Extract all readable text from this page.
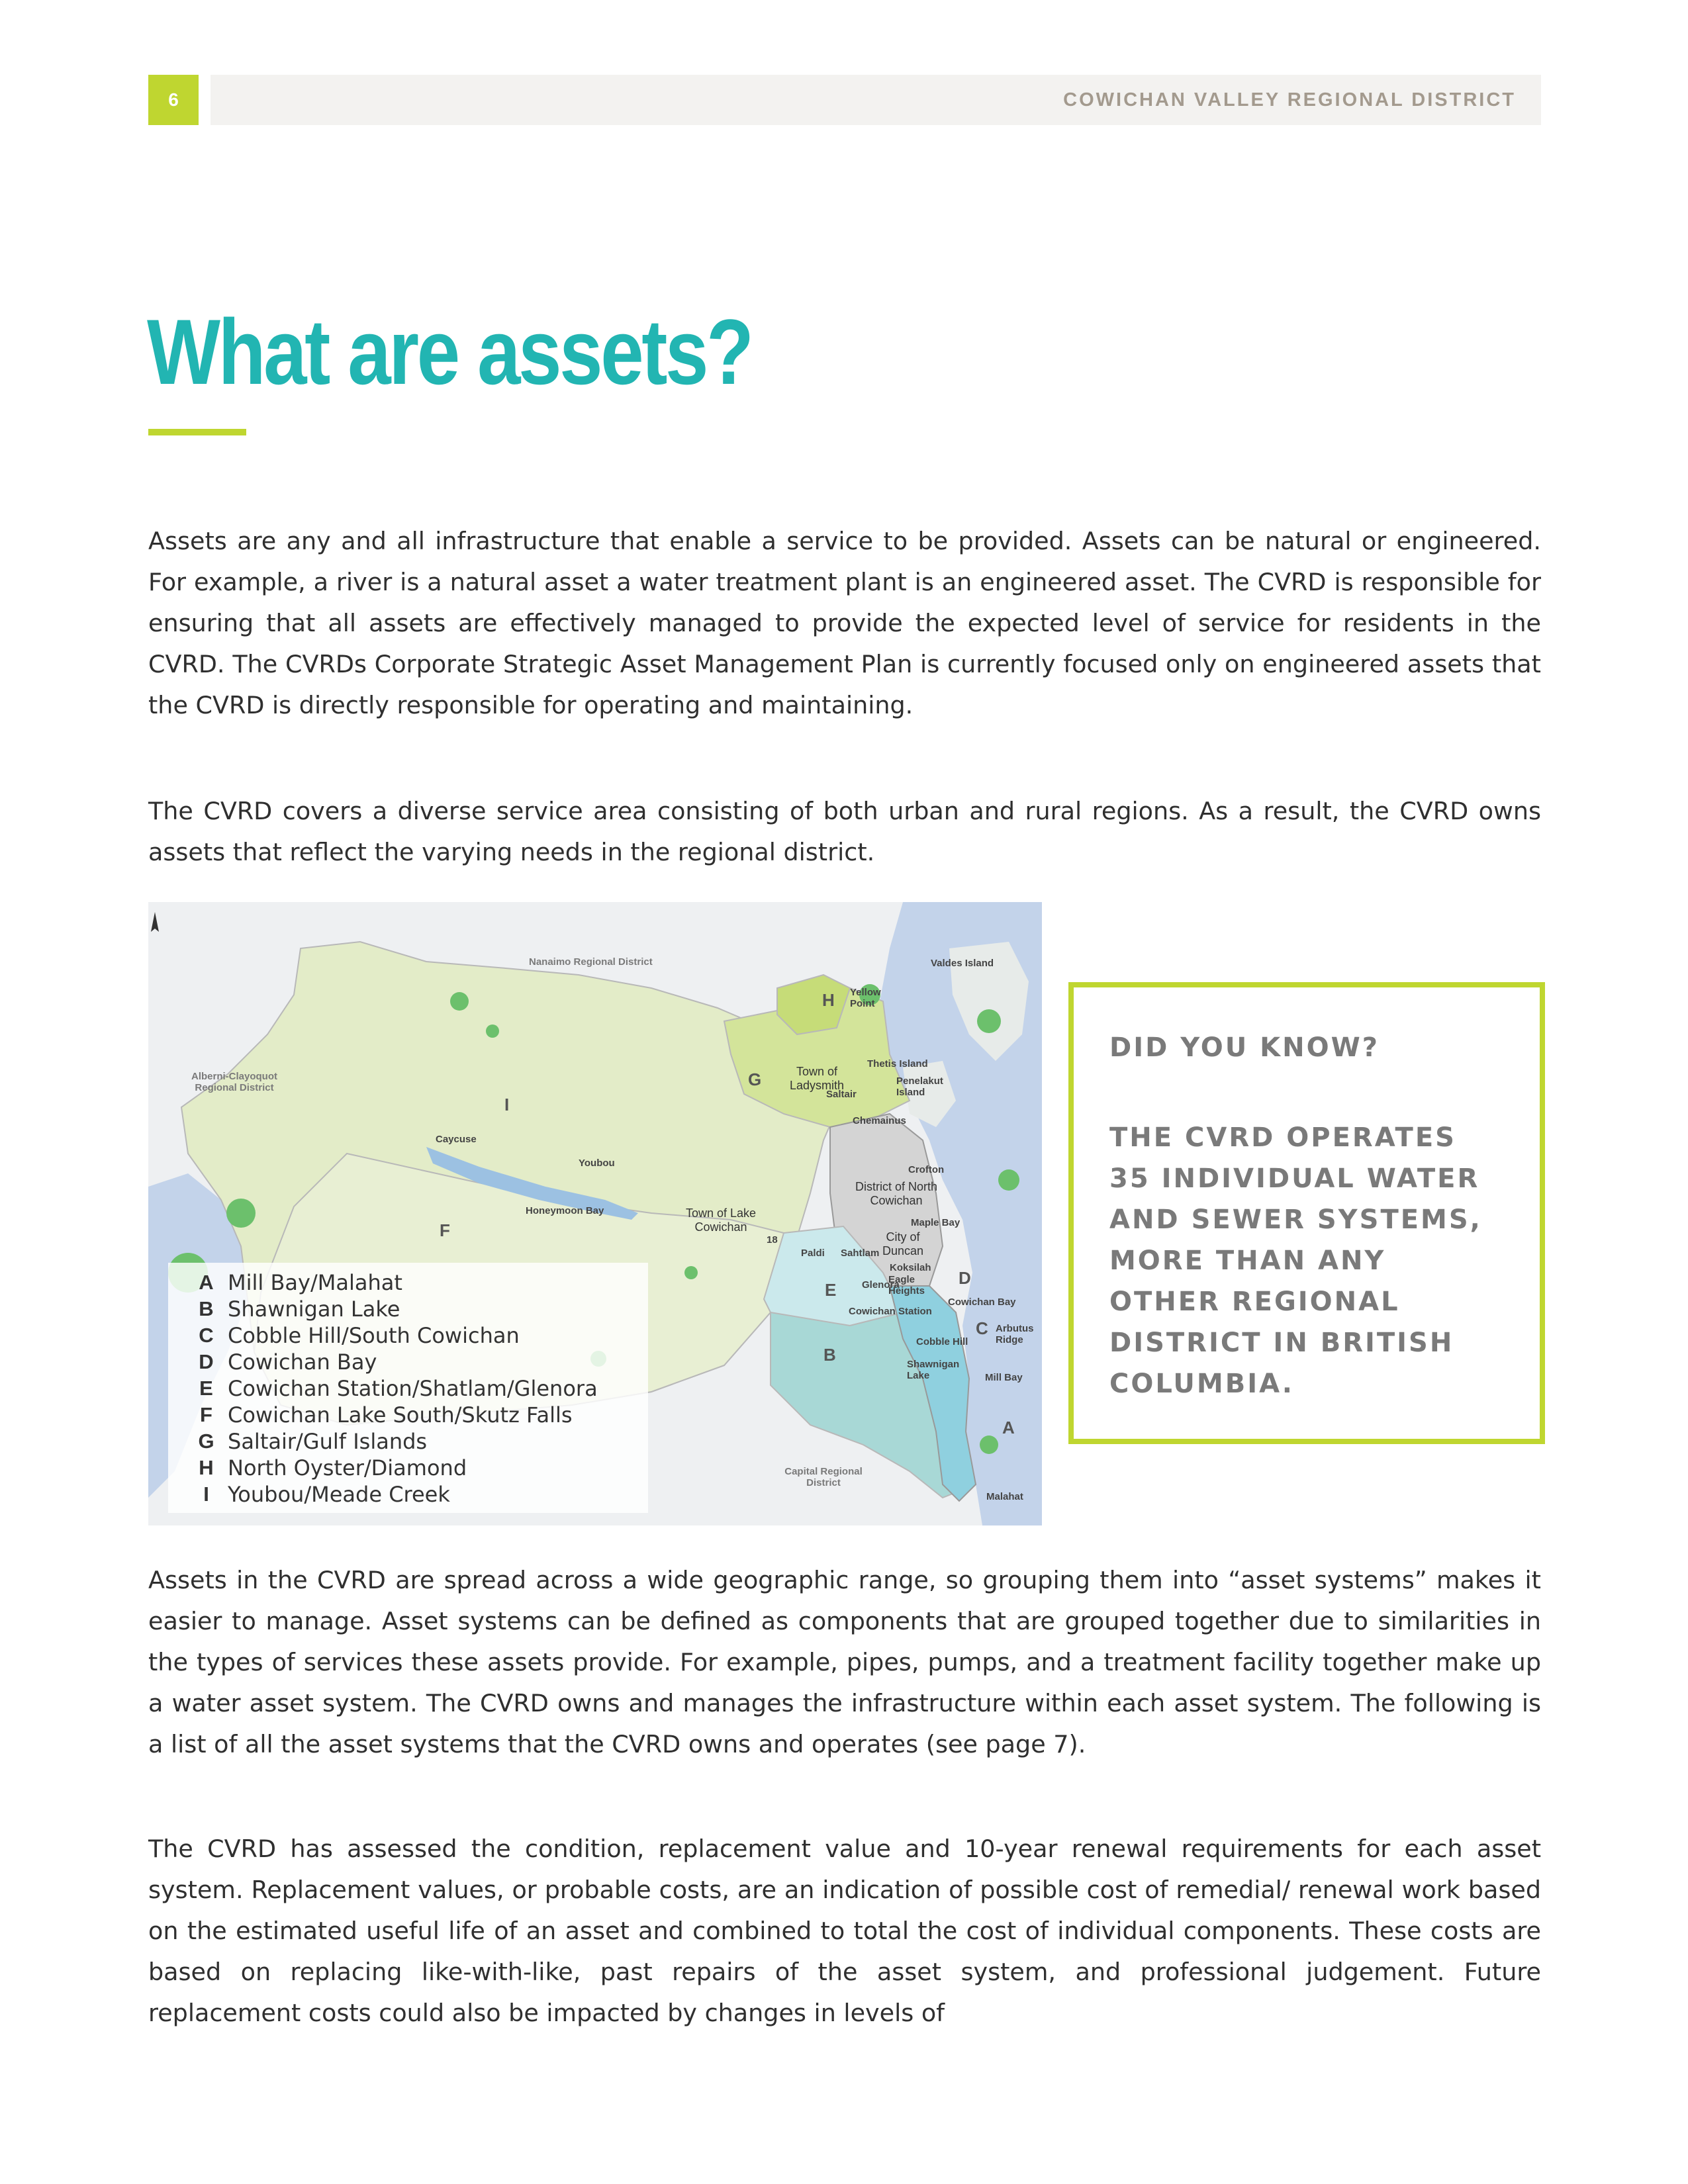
6	COWICHAN VALLEY REGIONAL DISTRICT
What are assets?

Assets are any and all infrastructure that enable a service to be provided. Assets can be natural or engineered. For example, a river is a natural asset a water treatment plant is an engineered asset. The CVRD is responsible for ensuring that all assets are effectively managed to provide the expected level of service for residents in the CVRD. The CVRDs Corporate Strategic Asset Management Plan is currently focused only on engineered assets that the CVRD is directly responsible for operating and maintaining.

The CVRD covers a diverse service area consisting of both urban and rural regions. As a result, the CVRD owns assets that reflect the varying needs in the regional district.

Nanaimo Regional District
Alberni-Clayoquot Regional District
Capital Regional District
Valdes Island
Yellow Point
Thetis Island
Penelakut Island
Town of Ladysmith
Saltair
Chemainus
Crofton
District of North Cowichan
Maple Bay
City of Duncan
Koksilah
Eagle Heights
Glenora
Cowichan Station
Cowichan Bay
Cobble Hill
Arbutus Ridge
Shawnigan Lake	Mill Bay
Malahat
Paldi Sahtlam
Caycuse
Youbou
Honeymoon Bay	Town of Lake Cowichan
18
A
B
C
D
E
F
G
H
I
A Mill Bay/Malahat
B Shawnigan Lake
C Cobble Hill/South Cowichan
D Cowichan Bay
E Cowichan Station/Shatlam/Glenora
F Cowichan Lake South/Skutz Falls
G Saltair/Gulf Islands
H North Oyster/Diamond
I Youbou/Meade Creek
DID YOU KNOW?
THE CVRD OPERATES 35 INDIVIDUAL WATER AND SEWER SYSTEMS, MORE THAN ANY OTHER REGIONAL DISTRICT IN BRITISH COLUMBIA.

Assets in the CVRD are spread across a wide geographic range, so grouping them into “asset systems” makes it easier to manage. Asset systems can be defined as components that are grouped together due to similarities in the types of services these assets provide. For example, pipes, pumps, and a treatment facility together make up a water asset system. The CVRD owns and manages the infrastructure within each asset system. The following is a list of all the asset systems that the CVRD owns and operates (see page 7).

The CVRD has assessed the condition, replacement value and 10-year renewal requirements for each asset system. Replacement values, or probable costs, are an indication of possible cost of remedial/ renewal work based on the estimated useful life of an asset and combined to total the cost of individual components. These costs are based on replacing like-with-like, past repairs of the asset system, and professional judgement. Future replacement costs could also be impacted by changes in levels of
